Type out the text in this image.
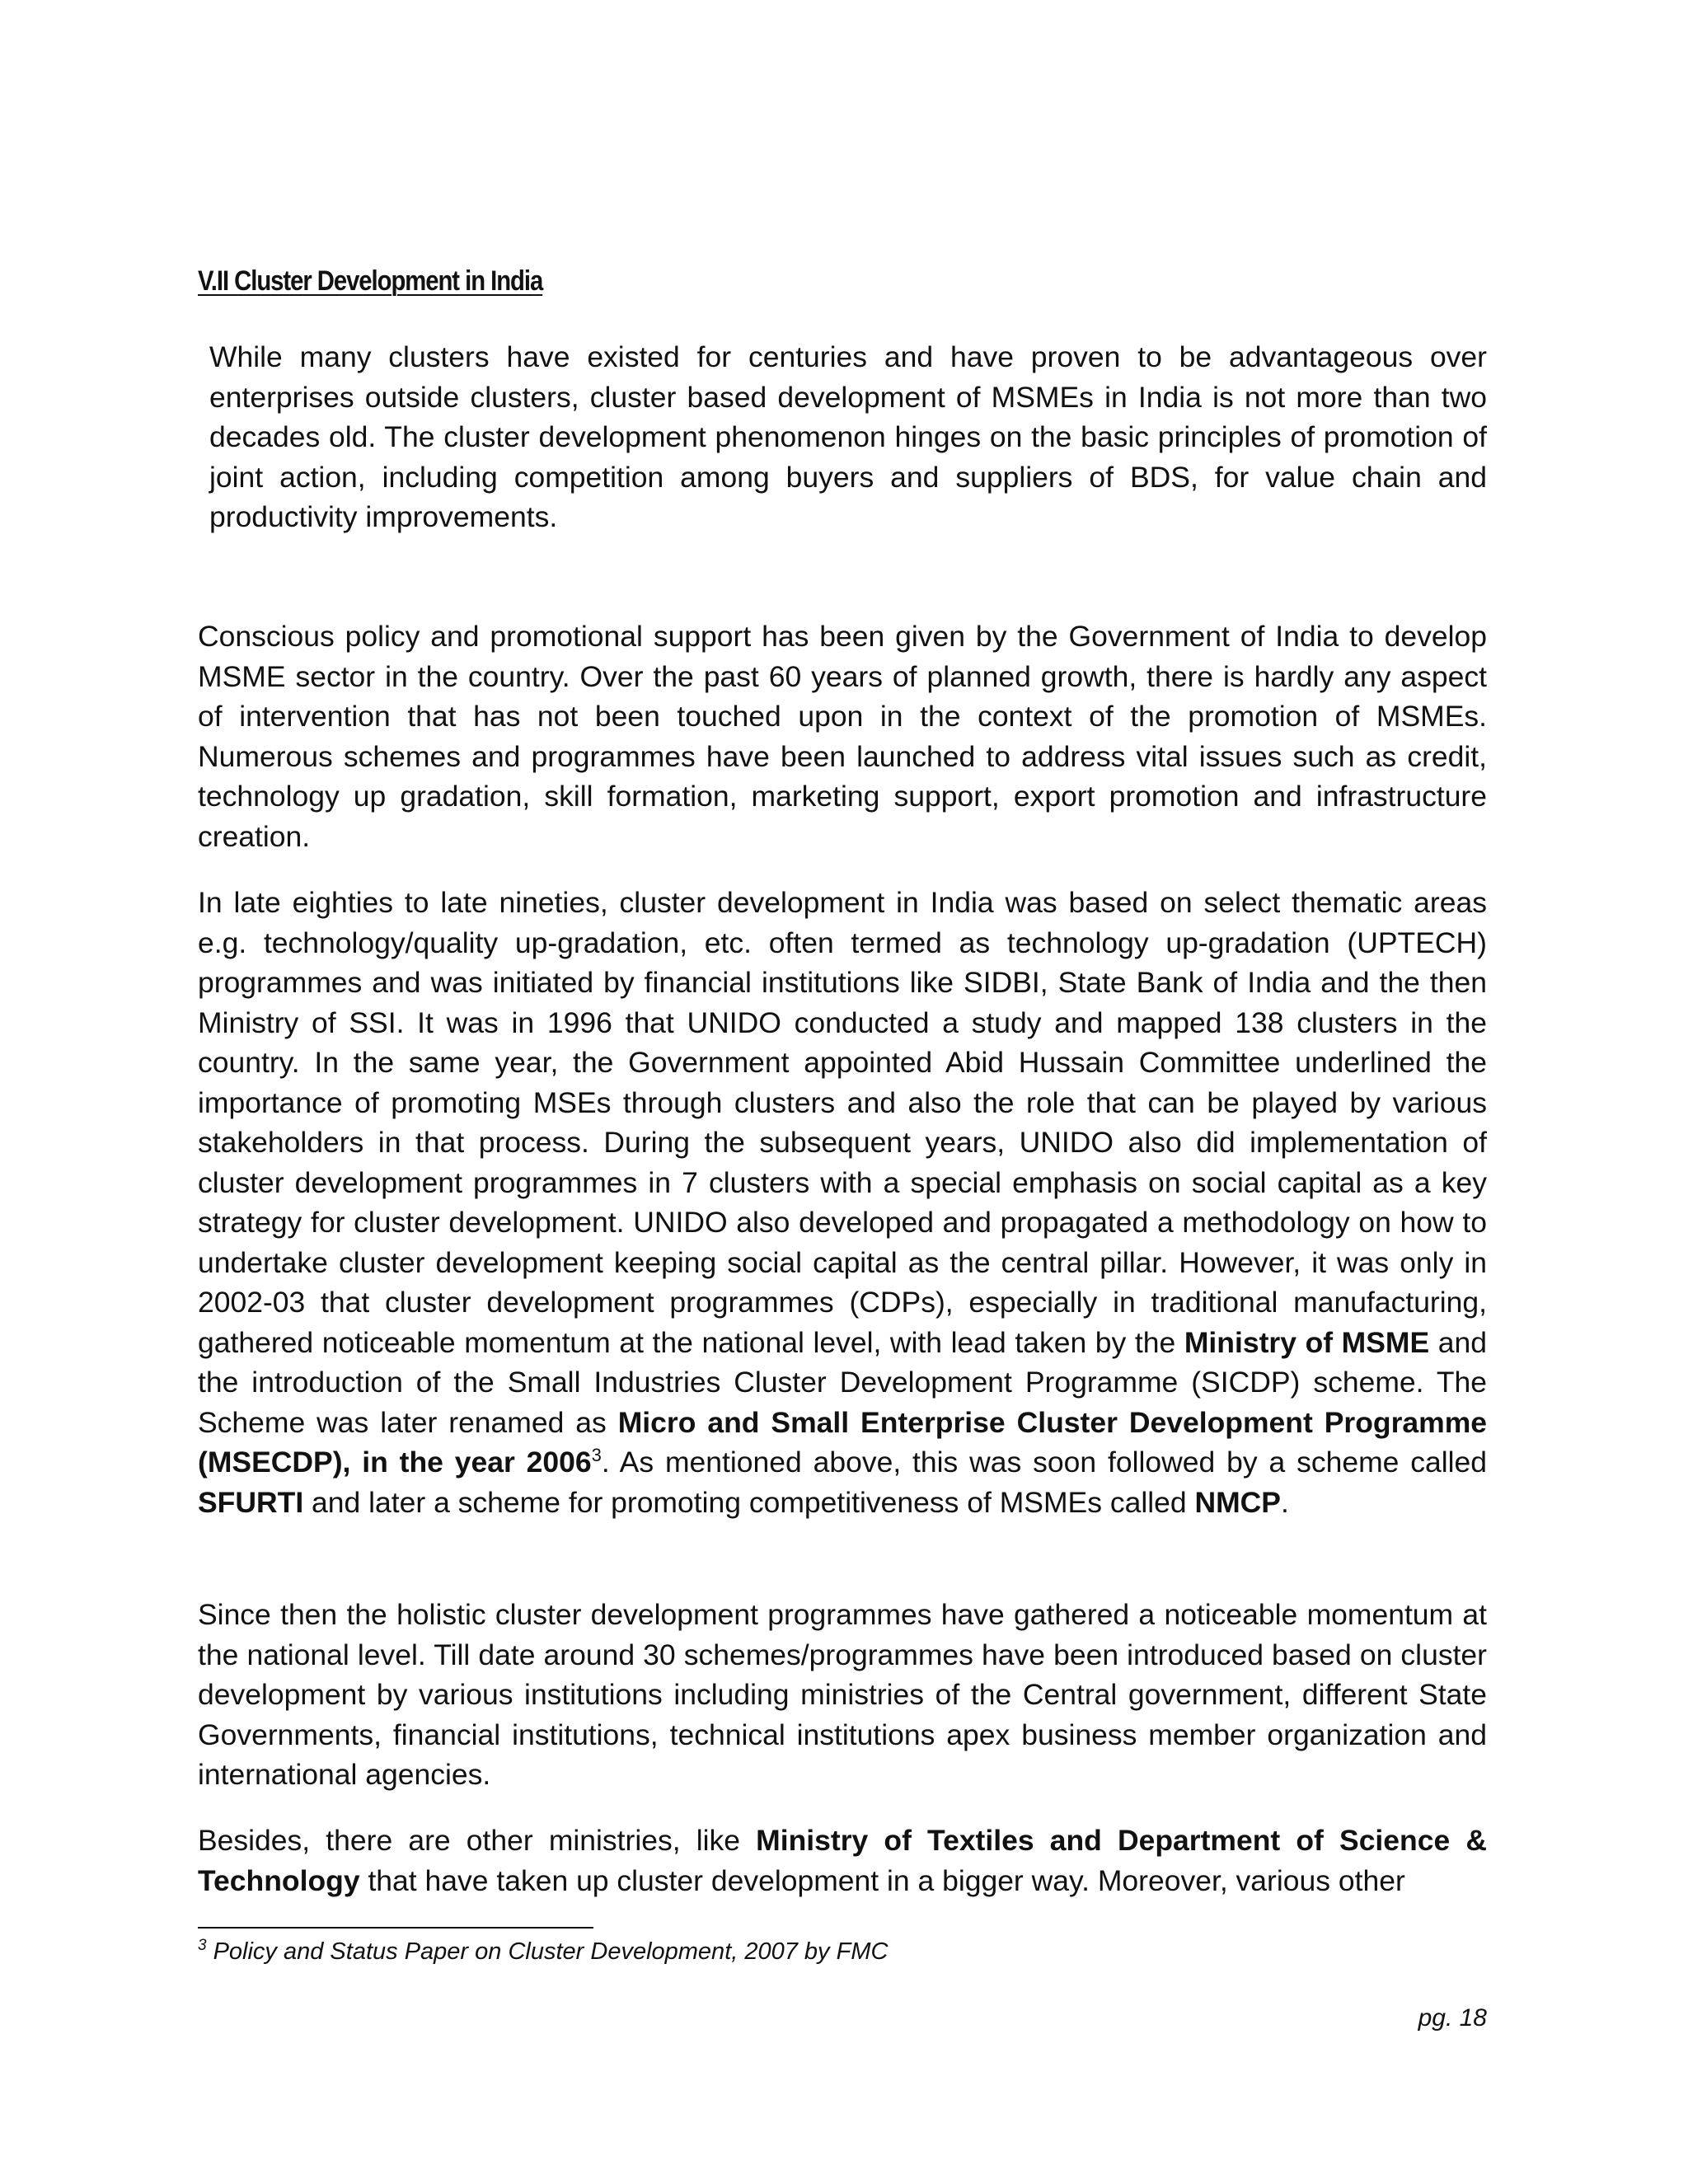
V.II Cluster Development in India

While many clusters have existed for centuries and have proven to be advantageous over enterprises outside clusters, cluster based development of MSMEs in India is not more than two decades old. The cluster development phenomenon hinges on the basic principles of promotion of joint action, including competition among buyers and suppliers of BDS, for value chain and productivity improvements.

Conscious policy and promotional support has been given by the Government of India to develop MSME sector in the country. Over the past 60 years of planned growth, there is hardly any aspect of intervention that has not been touched upon in the context of the promotion of MSMEs. Numerous schemes and programmes have been launched to address vital issues such as credit, technology up gradation, skill formation, marketing support, export promotion and infrastructure creation.

In late eighties to late nineties, cluster development in India was based on select thematic areas e.g. technology/quality up-gradation, etc. often termed as technology up-gradation (UPTECH) programmes and was initiated by financial institutions like SIDBI, State Bank of India and the then Ministry of SSI. It was in 1996 that UNIDO conducted a study and mapped 138 clusters in the country. In the same year, the Government appointed Abid Hussain Committee underlined the importance of promoting MSEs through clusters and also the role that can be played by various stakeholders in that process. During the subsequent years, UNIDO also did implementation of cluster development programmes in 7 clusters with a special emphasis on social capital as a key strategy for cluster development. UNIDO also developed and propagated a methodology on how to undertake cluster development keeping social capital as the central pillar. However, it was only in 2002-03 that cluster development programmes (CDPs), especially in traditional manufacturing, gathered noticeable momentum at the national level, with lead taken by the Ministry of MSME and the introduction of the Small Industries Cluster Development Programme (SICDP) scheme. The Scheme was later renamed as Micro and Small Enterprise Cluster Development Programme (MSECDP), in the year 2006$^3$. As mentioned above, this was soon followed by a scheme called SFURTI and later a scheme for promoting competitiveness of MSMEs called NMCP.

Since then the holistic cluster development programmes have gathered a noticeable momentum at the national level. Till date around 30 schemes/programmes have been introduced based on cluster development by various institutions including ministries of the Central government, different State Governments, financial institutions, technical institutions apex business member organization and international agencies.

Besides, there are other ministries, like Ministry of Textiles and Department of Science & Technology that have taken up cluster development in a bigger way. Moreover, various other

$^3$ Policy and Status Paper on Cluster Development, 2007 by FMC
pg. 18
